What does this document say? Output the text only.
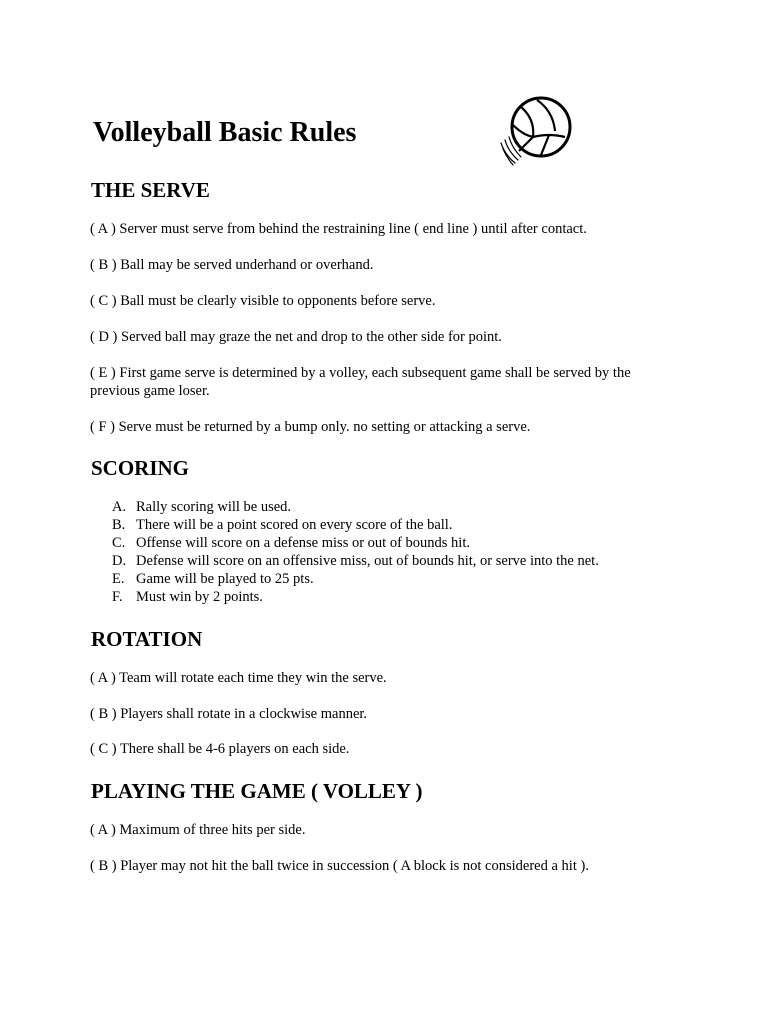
Volleyball Basic Rules
THE SERVE

( A ) Server must serve from behind the restraining line ( end line ) until after contact.

( B ) Ball may be served underhand or overhand.

( C ) Ball must be clearly visible to opponents before serve.

( D ) Served ball may graze the net and drop to the other side for point.

( E ) First game serve is determined by a volley, each subsequent game shall be served by the previous game loser.

( F ) Serve must be returned by a bump only. no setting or attacking a serve.

SCORING
A. Rally scoring will be used.
B. There will be a point scored on every score of the ball.
C. Offense will score on a defense miss or out of bounds hit.
D. Defense will score on an offensive miss, out of bounds hit, or serve into the net.
E. Game will be played to 25 pts.
F. Must win by 2 points.
ROTATION

( A ) Team will rotate each time they win the serve.

( B ) Players shall rotate in a clockwise manner.

( C ) There shall be 4-6 players on each side.

PLAYING THE GAME ( VOLLEY )

( A ) Maximum of three hits per side.

( B ) Player may not hit the ball twice in succession ( A block is not considered a hit ).
